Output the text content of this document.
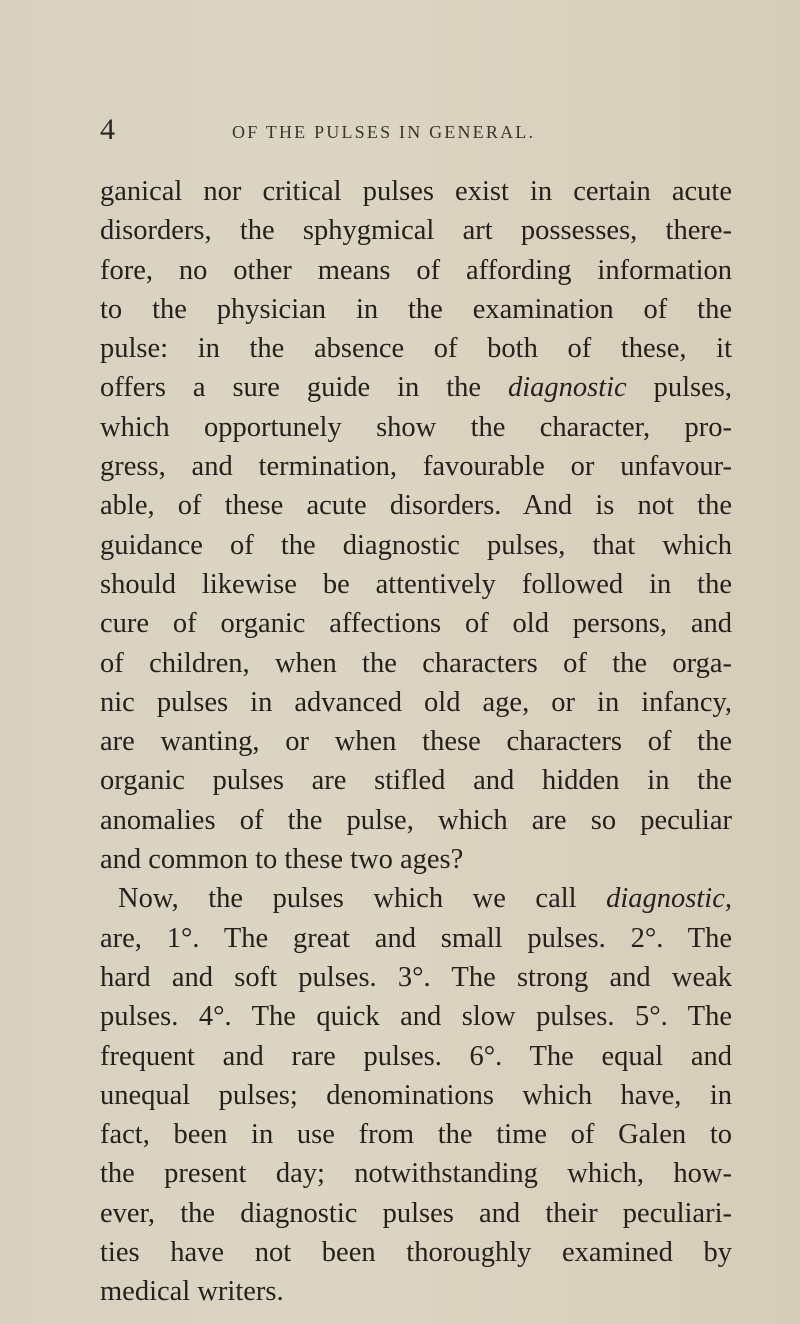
4	OF THE PULSES IN GENERAL.
ganical nor critical pulses exist in certain acute
disorders, the sphygmical art possesses, there-
fore, no other means of affording information
to the physician in the examination of the
pulse: in the absence of both of these, it
offers a sure guide in the diagnostic pulses,
which opportunely show the character, pro-
gress, and termination, favourable or unfavour-
able, of these acute disorders. And is not the
guidance of the diagnostic pulses, that which
should likewise be attentively followed in the
cure of organic affections of old persons, and
of children, when the characters of the orga-
nic pulses in advanced old age, or in infancy,
are wanting, or when these characters of the
organic pulses are stifled and hidden in the
anomalies of the pulse, which are so peculiar
and common to these two ages?
Now, the pulses which we call diagnostic,
are, 1°. The great and small pulses. 2°. The
hard and soft pulses. 3°. The strong and weak
pulses. 4°. The quick and slow pulses. 5°. The
frequent and rare pulses. 6°. The equal and
unequal pulses; denominations which have, in
fact, been in use from the time of Galen to
the present day; notwithstanding which, how-
ever, the diagnostic pulses and their peculiari-
ties have not been thoroughly examined by
medical writers.
